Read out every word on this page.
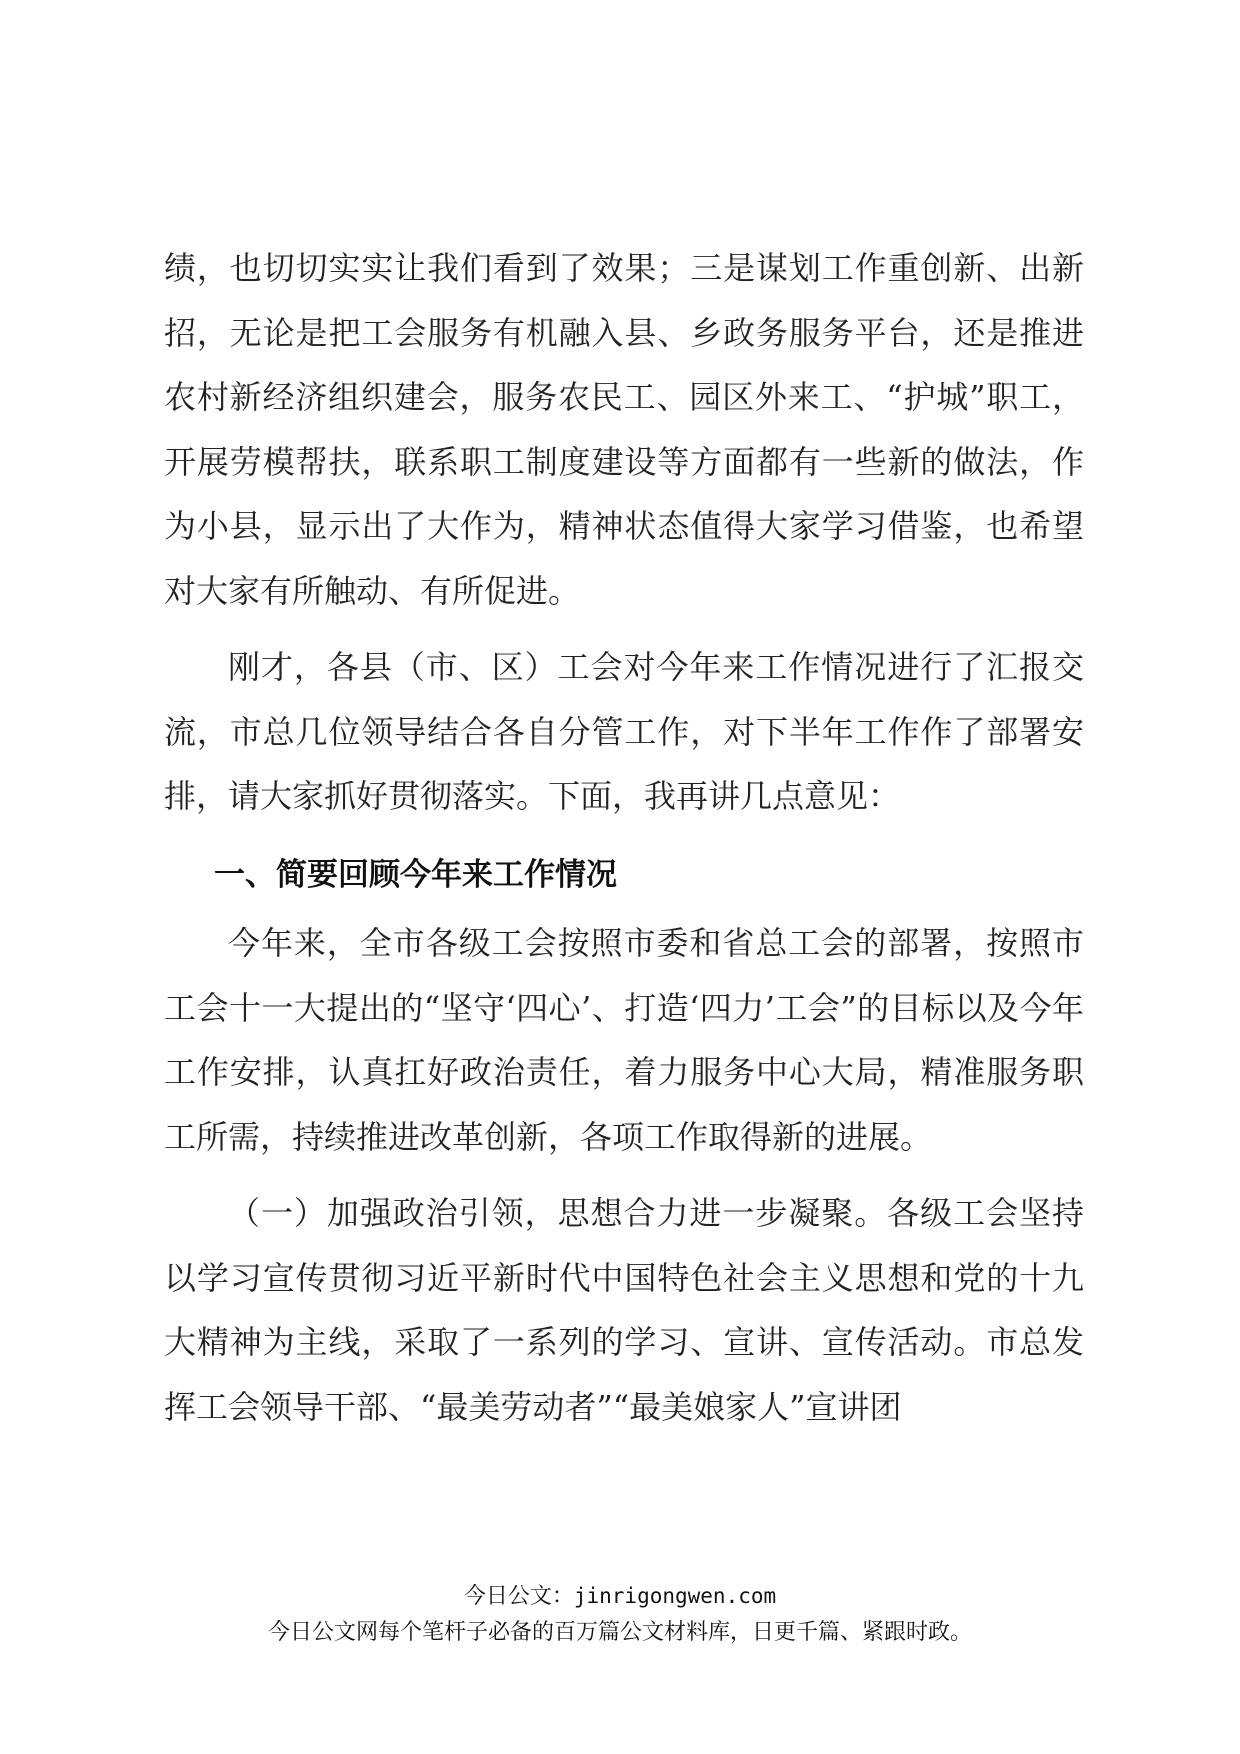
绩，也切切实实让我们看到了效果；三是谋划工作重创新、出新招，无论是把工会服务有机融入县、乡政务服务平台，还是推进农村新经济组织建会，服务农民工、园区外来工、“护城”职工，开展劳模帮扶，联系职工制度建设等方面都有一些新的做法，作为小县，显示出了大作为，精神状态值得大家学习借鉴，也希望对大家有所触动、有所促进。

刚才，各县（市、区）工会对今年来工作情况进行了汇报交流，市总几位领导结合各自分管工作，对下半年工作作了部署安排，请大家抓好贯彻落实。下面，我再讲几点意见：

一、简要回顾今年来工作情况

今年来，全市各级工会按照市委和省总工会的部署，按照市工会十一大提出的“坚守‘四心’、打造‘四力’工会”的目标以及今年工作安排，认真扛好政治责任，着力服务中心大局，精准服务职工所需，持续推进改革创新，各项工作取得新的进展。

（一）加强政治引领，思想合力进一步凝聚。各级工会坚持以学习宣传贯彻习近平新时代中国特色社会主义思想和党的十九大精神为主线，采取了一系列的学习、宣讲、宣传活动。市总发挥工会领导干部、“最美劳动者”“最美娘家人”宣讲团

今日公文：jinrigongwen.com
今日公文网每个笔杆子必备的百万篇公文材料库，日更千篇、紧跟时政。
